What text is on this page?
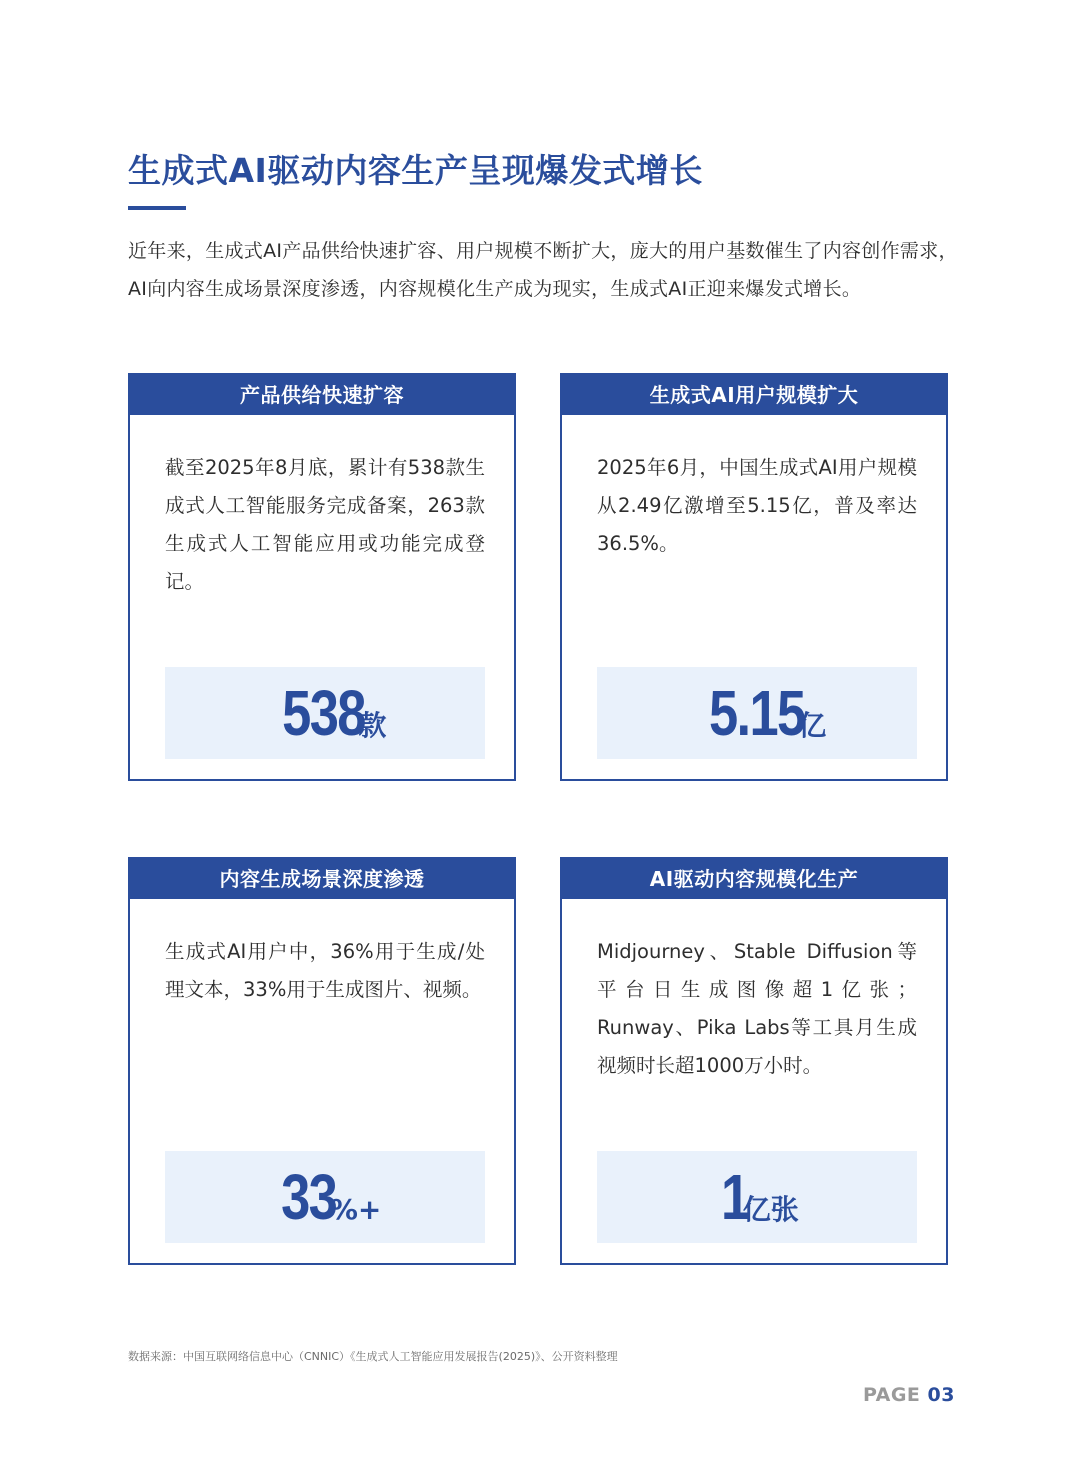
生成式AI驱动内容生产呈现爆发式增长
近年来，生成式AI产品供给快速扩容、用户规模不断扩大，庞大的用户基数催生了内容创作需求，AI向内容生成场景深度渗透，内容规模化生产成为现实，生成式AI正迎来爆发式增长。
产品供给快速扩容
截至2025年8月底，累计有538款生成式人工智能服务完成备案，263款生成式人工智能应用或功能完成登记。
538款
生成式AI用户规模扩大
2025年6月，中国生成式AI用户规模从2.49亿激增至5.15亿，普及率达36.5%。
5.15亿
内容生成场景深度渗透
生成式AI用户中，36%用于生成/处理文本，33%用于生成图片、视频。
33%+
AI驱动内容规模化生产
Midjourney、Stable Diffusion等平台日生成图像超1亿张；Runway、Pika Labs等工具月生成视频时长超1000万小时。
1亿张
数据来源：中国互联网络信息中心（CNNIC）《生成式人工智能应用发展报告(2025)》、公开资料整理
PAGE 03
